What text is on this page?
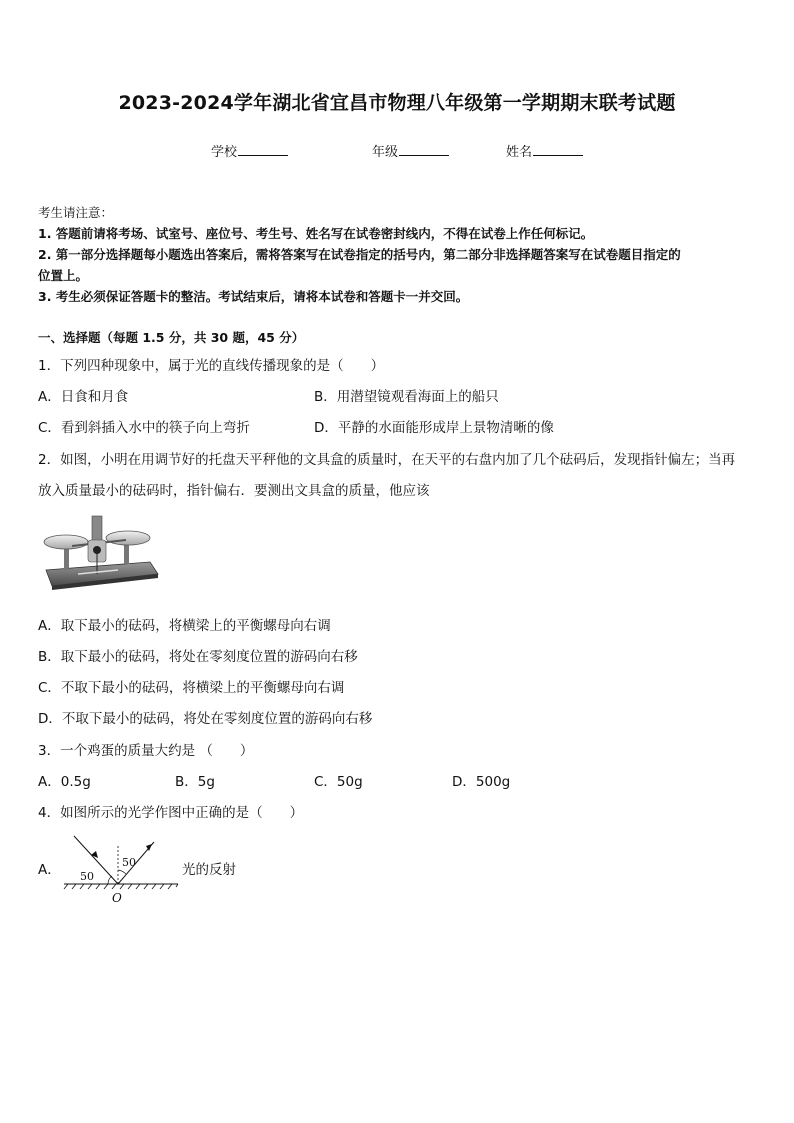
2023-2024学年湖北省宜昌市物理八年级第一学期期末联考试题
学校	年级	姓名
考生请注意：
1. 答题前请将考场、试室号、座位号、考生号、姓名写在试卷密封线内，不得在试卷上作任何标记。
2. 第一部分选择题每小题选出答案后，需将答案写在试卷指定的括号内，第二部分非选择题答案写在试卷题目指定的
位置上。
3. 考生必须保证答题卡的整洁。考试结束后，请将本试卷和答题卡一并交回。
一、选择题（每题 1.5 分，共 30 题，45 分）
1．下列四种现象中，属于光的直线传播现象的是（　　）
A．日食和月食	B．用潜望镜观看海面上的船只
C．看到斜插入水中的筷子向上弯折	D．平静的水面能形成岸上景物清晰的像
2．如图，小明在用调节好的托盘天平秤他的文具盒的质量时，在天平的右盘内加了几个砝码后，发现指针偏左；当再
放入质量最小的砝码时，指针偏右．要测出文具盒的质量，他应该
A．取下最小的砝码，将横梁上的平衡螺母向右调
B．取下最小的砝码，将处在零刻度位置的游码向右移
C．不取下最小的砝码，将横梁上的平衡螺母向右调
D．不取下最小的砝码，将处在零刻度位置的游码向右移
3．一个鸡蛋的质量大约是 （　　）
A．0.5g	B．5g	C．50g	D．500g
4．如图所示的光学作图中正确的是（　　）
A． 50
50
O
光的反射
